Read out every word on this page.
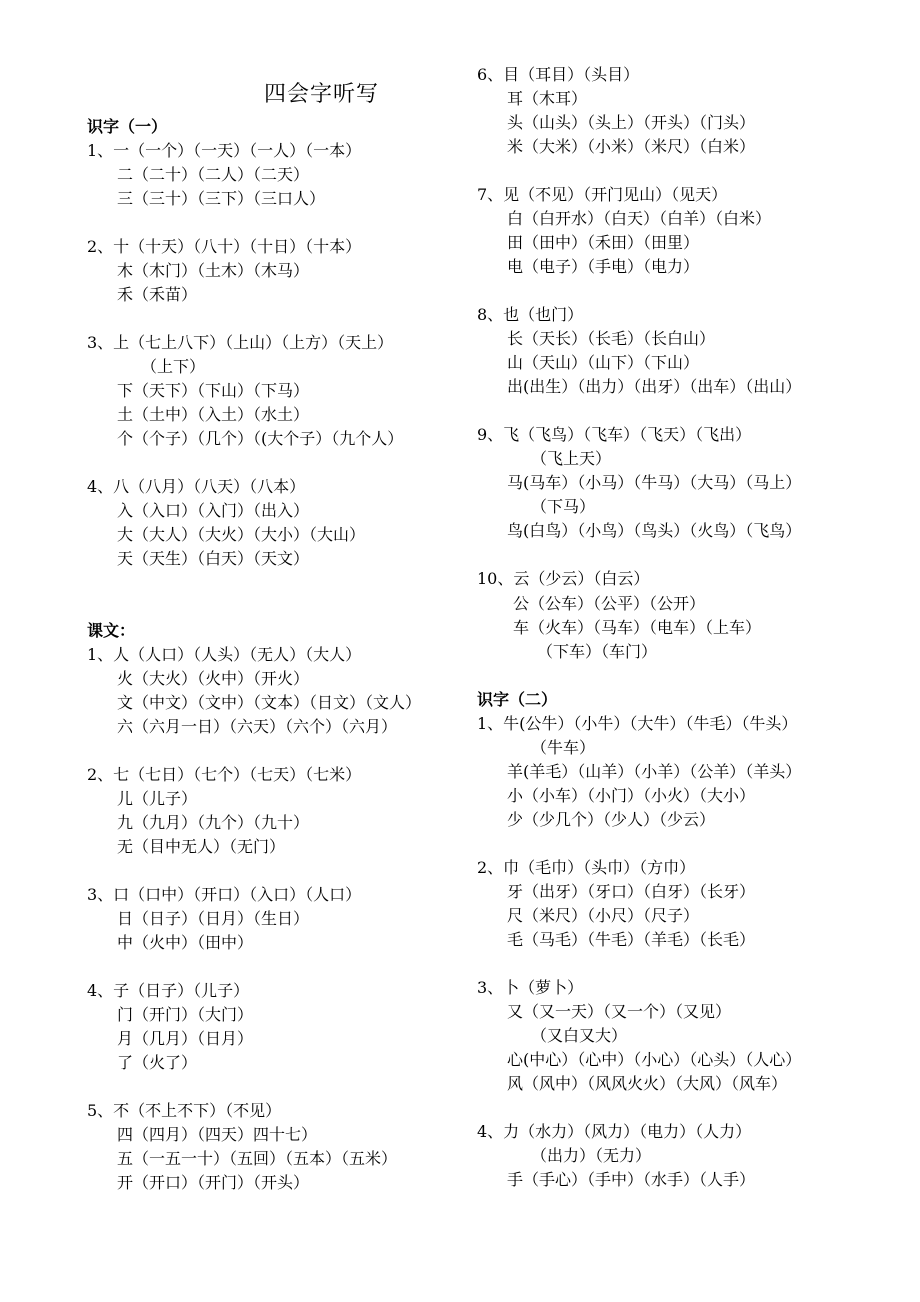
四会字听写
识字（一）
1、一（一个）（一天）（一人）（一本）
二（二十）（二人）（二天）
三（三十）（三下）（三口人）
2、十（十天）（八十）（十日）（十本）
木（木门）（土木）（木马）
禾（禾苗）
3、上（七上八下）（上山）（上方）（天上）
（上下）
下（天下）（下山）（下马）
土（土中）（入土）（水土）
个（个子）（几个）（(大个子）（九个人）
4、八（八月）（八天）（八本）
入（入口）（入门）（出入）
大（大人）（大火）（大小）（大山）
天（天生）（白天）（天文）
课文：
1、人（人口）（人头）（无人）（大人）
火（大火）（火中）（开火）
文（中文）（文中）（文本）（日文）（文人）
六（六月一日）（六天）（六个）（六月）
2、七（七日）（七个）（七天）（七米）
儿（儿子）
九（九月）（九个）（九十）
无（目中无人）（无门）
3、口（口中）（开口）（入口）（人口）
日（日子）（日月）（生日）
中（火中）（田中）
4、子（日子）（儿子）
门（开门）（大门）
月（几月）（日月）
了（火了）
5、不（不上不下）（不见）
四（四月）（四天）四十七）
五（一五一十）（五回）（五本）（五米）
开（开口）（开门）（开头）
6、目（耳目）（头目）
耳（木耳）
头（山头）（头上）（开头）（门头）
米（大米）（小米）（米尺）（白米）
7、见（不见）（开门见山）（见天）
白（白开水）（白天）（白羊）（白米）
田（田中）（禾田）（田里）
电（电子）（手电）（电力）
8、也（也门）
长（天长）（长毛）（长白山）
山（天山）（山下）（下山）
出(出生）（出力）（出牙）（出车）（出山）
9、飞（飞鸟）（飞车）（飞天）（飞出）
（飞上天）
马(马车）（小马）（牛马）（大马）（马上）
（下马）
鸟(白鸟）（小鸟）（鸟头）（火鸟）（飞鸟）
10、云（少云）（白云）
公（公车）（公平）（公开）
车（火车）（马车）（电车）（上车）
（下车）（车门）
识字（二）
1、牛(公牛）（小牛）（大牛）（牛毛）（牛头）
（牛车）
羊(羊毛）（山羊）（小羊）（公羊）（羊头）
小（小车）（小门）（小火）（大小）
少（少几个）（少人）（少云）
2、巾（毛巾）（头巾）（方巾）
牙（出牙）（牙口）（白牙）（长牙）
尺（米尺）（小尺）（尺子）
毛（马毛）（牛毛）（羊毛）（长毛）
3、卜（萝卜）
又（又一天）（又一个）（又见）
（又白又大）
心(中心）（心中）（小心）（心头）（人心）
风（风中）（风风火火）（大风）（风车）
4、力（水力）（风力）（电力）（人力）
（出力）（无力）
手（手心）（手中）（水手）（人手）
